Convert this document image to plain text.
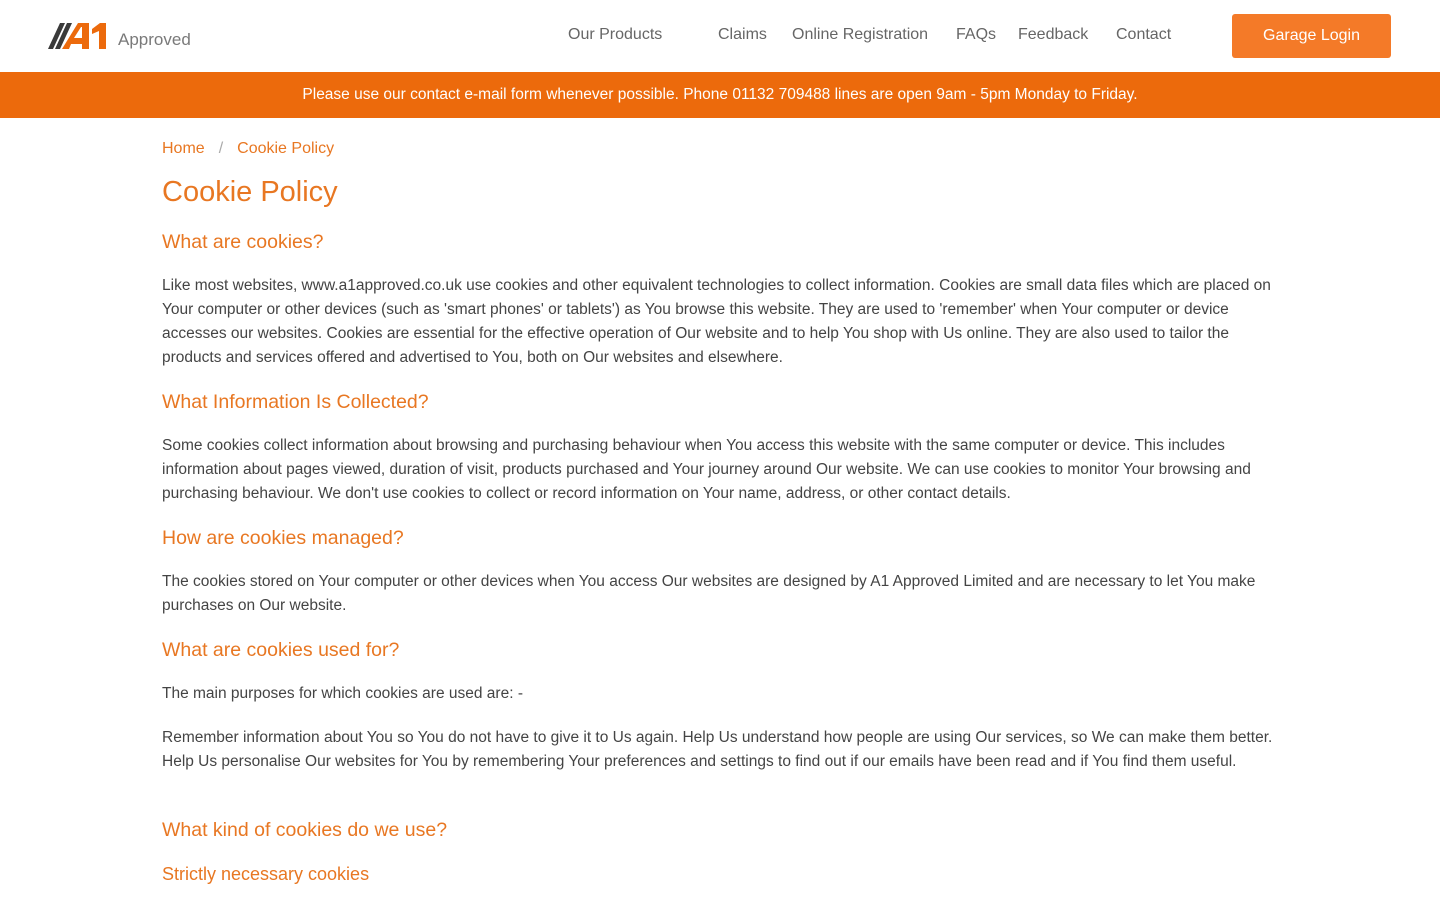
Approved	Our Products	Claims Online Registration FAQs Feedback Contact	Garage Login
Please use our contact e-mail form whenever possible. Phone 01132 709488 lines are open 9am - 5pm Monday to Friday.
Home / Cookie Policy
Cookie Policy
What are cookies?

Like most websites, www.a1approved.co.uk use cookies and other equivalent technologies to collect information. Cookies are small data files which are placed on Your computer or other devices (such as 'smart phones' or tablets') as You browse this website. They are used to 'remember' when Your computer or device accesses our websites. Cookies are essential for the effective operation of Our website and to help You shop with Us online. They are also used to tailor the products and services offered and advertised to You, both on Our websites and elsewhere.

What Information Is Collected?

Some cookies collect information about browsing and purchasing behaviour when You access this website with the same computer or device. This includes information about pages viewed, duration of visit, products purchased and Your journey around Our website. We can use cookies to monitor Your browsing and purchasing behaviour. We don't use cookies to collect or record information on Your name, address, or other contact details.

How are cookies managed?

The cookies stored on Your computer or other devices when You access Our websites are designed by A1 Approved Limited and are necessary to let You make purchases on Our website.

What are cookies used for?

The main purposes for which cookies are used are: -

Remember information about You so You do not have to give it to Us again. Help Us understand how people are using Our services, so We can make them better. Help Us personalise Our websites for You by remembering Your preferences and settings to find out if our emails have been read and if You find them useful.

What kind of cookies do we use?
Strictly necessary cookies
